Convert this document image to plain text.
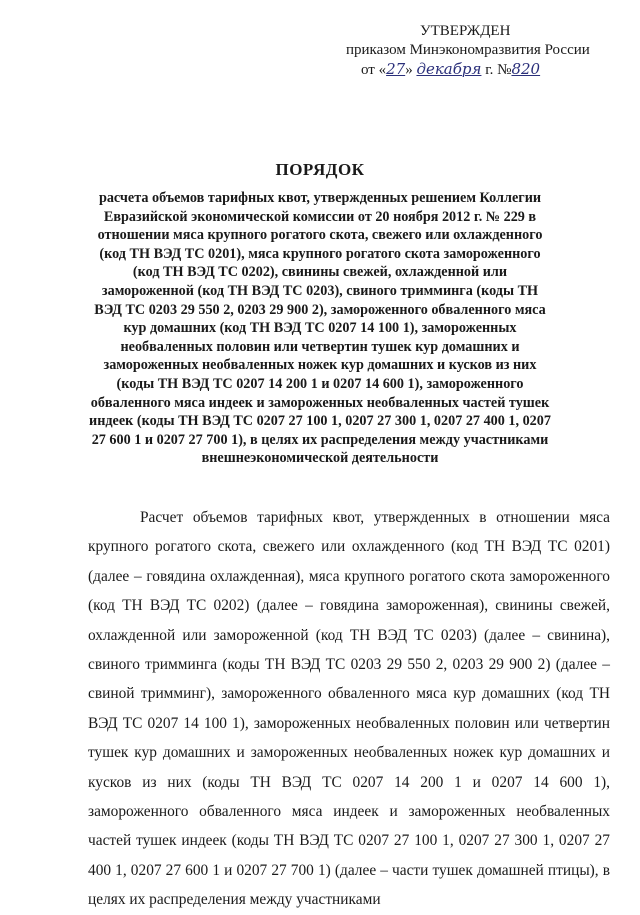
УТВЕРЖДЕН
приказом Минэкономразвития России
от «27» декабря г. №820
ПОРЯДОК
расчета объемов тарифных квот, утвержденных решением Коллегии Евразийской экономической комиссии от 20 ноября 2012 г. № 229 в отношении мяса крупного рогатого скота, свежего или охлажденного (код ТН ВЭД ТС 0201), мяса крупного рогатого скота замороженного (код ТН ВЭД ТС 0202), свинины свежей, охлажденной или замороженной (код ТН ВЭД ТС 0203), свиного тримминга (коды ТН ВЭД ТС 0203 29 550 2, 0203 29 900 2), замороженного обваленного мяса кур домашних (код ТН ВЭД ТС 0207 14 100 1), замороженных необваленных половин или четвертин тушек кур домашних и замороженных необваленных ножек кур домашних и кусков из них (коды ТН ВЭД ТС 0207 14 200 1 и 0207 14 600 1), замороженного обваленного мяса индеек и замороженных необваленных частей тушек индеек (коды ТН ВЭД ТС 0207 27 100 1, 0207 27 300 1, 0207 27 400 1, 0207 27 600 1 и 0207 27 700 1), в целях их распределения между участниками внешнеэкономической деятельности

Расчет объемов тарифных квот, утвержденных в отношении мяса крупного рогатого скота, свежего или охлажденного (код ТН ВЭД ТС 0201) (далее – говядина охлажденная), мяса крупного рогатого скота замороженного (код ТН ВЭД ТС 0202) (далее – говядина замороженная), свинины свежей, охлажденной или замороженной (код ТН ВЭД ТС 0203) (далее – свинина), свиного тримминга (коды ТН ВЭД ТС 0203 29 550 2, 0203 29 900 2) (далее – свиной тримминг), замороженного обваленного мяса кур домашних (код ТН ВЭД ТС 0207 14 100 1), замороженных необваленных половин или четвертин тушек кур домашних и замороженных необваленных ножек кур домашних и кусков из них (коды ТН ВЭД ТС 0207 14 200 1 и 0207 14 600 1), замороженного обваленного мяса индеек и замороженных необваленных частей тушек индеек (коды ТН ВЭД ТС 0207 27 100 1, 0207 27 300 1, 0207 27 400 1, 0207 27 600 1 и 0207 27 700 1) (далее – части тушек домашней птицы), в целях их распределения между участниками
